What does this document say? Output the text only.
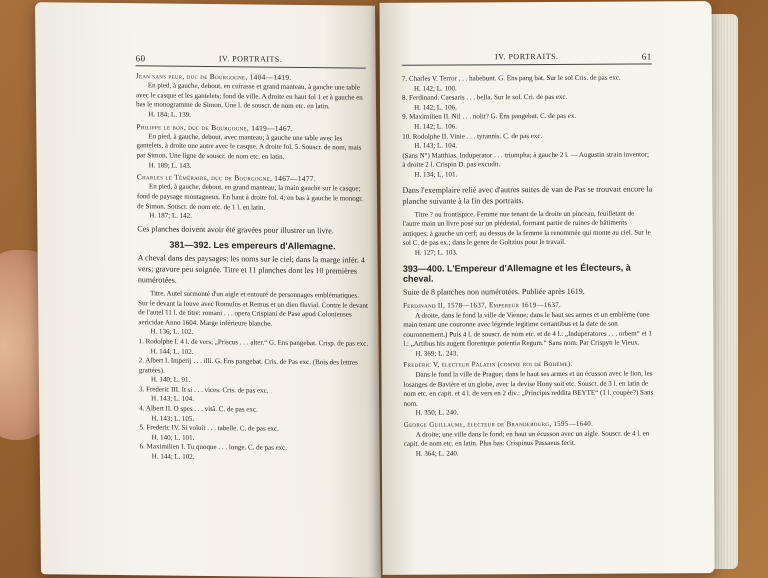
60	IV. PORTRAITS.
Jean sans peur, duc de Bourgogne, 1404—1419.
En pied, à gauche, debout, en cuirasse et grand manteau, à gauche une table avec le casque et les gantelets; fond de ville. A droite en haut fol 1 et à gauche en bas le monogramme de Simon. Une l. de souscr. de nom etc. en latin.
H. 184; L. 139.
Philippe le bon, duc de Bourgogne, 1419—1467.
En pied, à gauche, debout, avec manteau; à gauche une table avec les gantelets, à droite une autre avec le casque. A droite fol. 5. Souscr. de nom, mais par Simon. Une ligne de souscr. de nom etc. en latin.
H. 189; L. 143.
Charles le Téméraire, duc de Bourgogne, 1467—1477.
En pied, à gauche, debout, en grand manteau; la main gauche sur le casque; fond de paysage montagneux. En haut à droite fol. 4; en bas à gauche le monogr. de Simon. Souscr. de nom etc. de 1 l. en latin.
H. 187; L. 142.
Ces planches doivent avoir été gravées pour illustrer un livre.
381—392. Les empereurs d'Allemagne.
A cheval dans des paysages; les noms sur le ciel; dans la marge infér. 4 vers; gravure peu soignée. Titre et 11 planches dont les 10 premières numérotées.
Titre. Autel surmonté d'un aigle et entouré de personnages emblématiques. Sur le devant la louve avec Romulus et Remus et un dieu fluvial. Contre le devant de l'autel 11 l. de titre: romani . . . opera Crispiani de Pase apud Colonienses aericidae Anno 1604. Marge inférieure blanche.
H. 136; L. 102.
1. Rodolphe I. 4 l. de vers; „Priscus . . . alter.“ G. Ens pangebat. Crisp. de pas exc.
H. 144; L. 102.
2. Albert I. Imperij . . . illi. G. Ens pangebat. Cris. de Pas exc. (Bois des lettres grattées).
H. 140; L. 91.
3. Frederic III. It si . . . vices. Cris. de pas exc.
H. 143; L. 104.
4. Albert II. O spes . . . vitâ. C. de pas exc.
H. 143; L. 105.
5. Frederic IV. Si voluit . . . tabelle. C. de pas exc.
H. 140; L. 101.
6. Maximilien I. Tu quoque . . . longe. C. de pas exc.
H. 144; L. 102.
IV. PORTRAITS.	61
7. Charles V. Terror . . . habebunt. G. Ens pang bat. Sur le sol Cris. de pas exc.
H. 142; L. 100.
8. Ferdinand. Caesaris . . . bella. Sur le sol. Cri. de pas exc.
H. 142; L. 106.
9. Maximilien II. Nil . . . nolit? G. Ens pangebat. C. de pas ex.
H. 142; L. 106.
10. Rodolphe II. Vinie . . . tyrannis. C. de pas exc.
H. 143; L. 104.
(Sans N°) Matthias. Induperator . . . triumpha; à gauche 2 l. — Augustin strain inventor; à droite 2 l. Crispin D. pas excudit.
H. 134; L. 101.
Dans l'exemplaire relié avec d'autres suites de van de Pas se trouvait encore la planche suivante à la fin des portraits.
Titre ? ou frontispice. Femme nue tenant de la droite un pinceau, feuilletant de l'autre main un livre posé sur un piédestal, formant partie de ruines de bâtiments antiques; à gauche un cerf; au dessus de la femme la renommée qui monte au ciel. Sur le sol C. de pas ex.; dans le genre de Goltzius pour le travail.
H. 127; L. 103.
393—400. L'Empereur d'Allemagne et les Électeurs, à cheval.
Suite de 8 planches non numérotées. Publiée après 1619.
Ferdinand II, 1578—1637, Empereur 1619—1637.
A droite, dans le fond la ville de Vienne; dans le haut ses armes et un emblème (une main tenant une couronne avec légende legitime certantibus et la date de son couronnement.) Puis 4 l. de souscr. de nom etc. et de 4 l.: „Induperatores . . . orbem“ et 1 l.: „Artibus his augent florentque potentia Regum.“ Sans nom. Par Crispyn le Vieux.
H. 369; L. 243.
Frederic V, électeur Palatin (comme roi de Bohême).
Dans le fond la ville de Prague; dans le haut ses armes et un écusson avec le lion, les losanges de Bavière et un globe, avec la devise Hony soit etc. Souscr. de 3 l. en latin de nom etc. en capit. et 4 l. de vers en 2 div.: „Principis reddita BEYTE“ (1 l. coupée?) Sans nom.
H. 350; L. 240.
George Guillaume, électeur de Brandebourg, 1595—1640.
A droite; une ville dans le fond; en haut un écusson avec un aigle. Souscr. de 4 l. en capit. de nom etc. en latin. Plus bas: Crispinus Passaeus fecit.
H. 364; L. 240.
